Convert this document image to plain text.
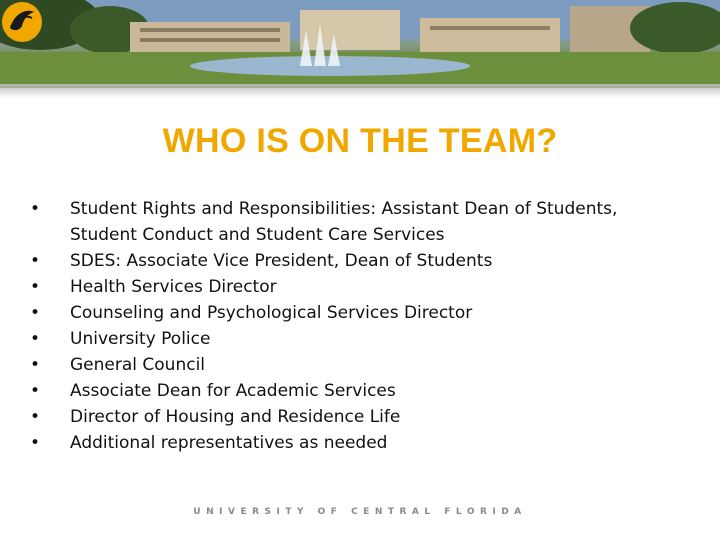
WHO IS ON THE TEAM?
• Student Rights and Responsibilities: Assistant Dean of Students,
Student Conduct and Student Care Services
• SDES: Associate Vice President, Dean of Students
• Health Services Director
• Counseling and Psychological Services Director
• University Police
• General Council
• Associate Dean for Academic Services
• Director of Housing and Residence Life
• Additional representatives as needed
UNIVERSITY OF CENTRAL FLORIDA
